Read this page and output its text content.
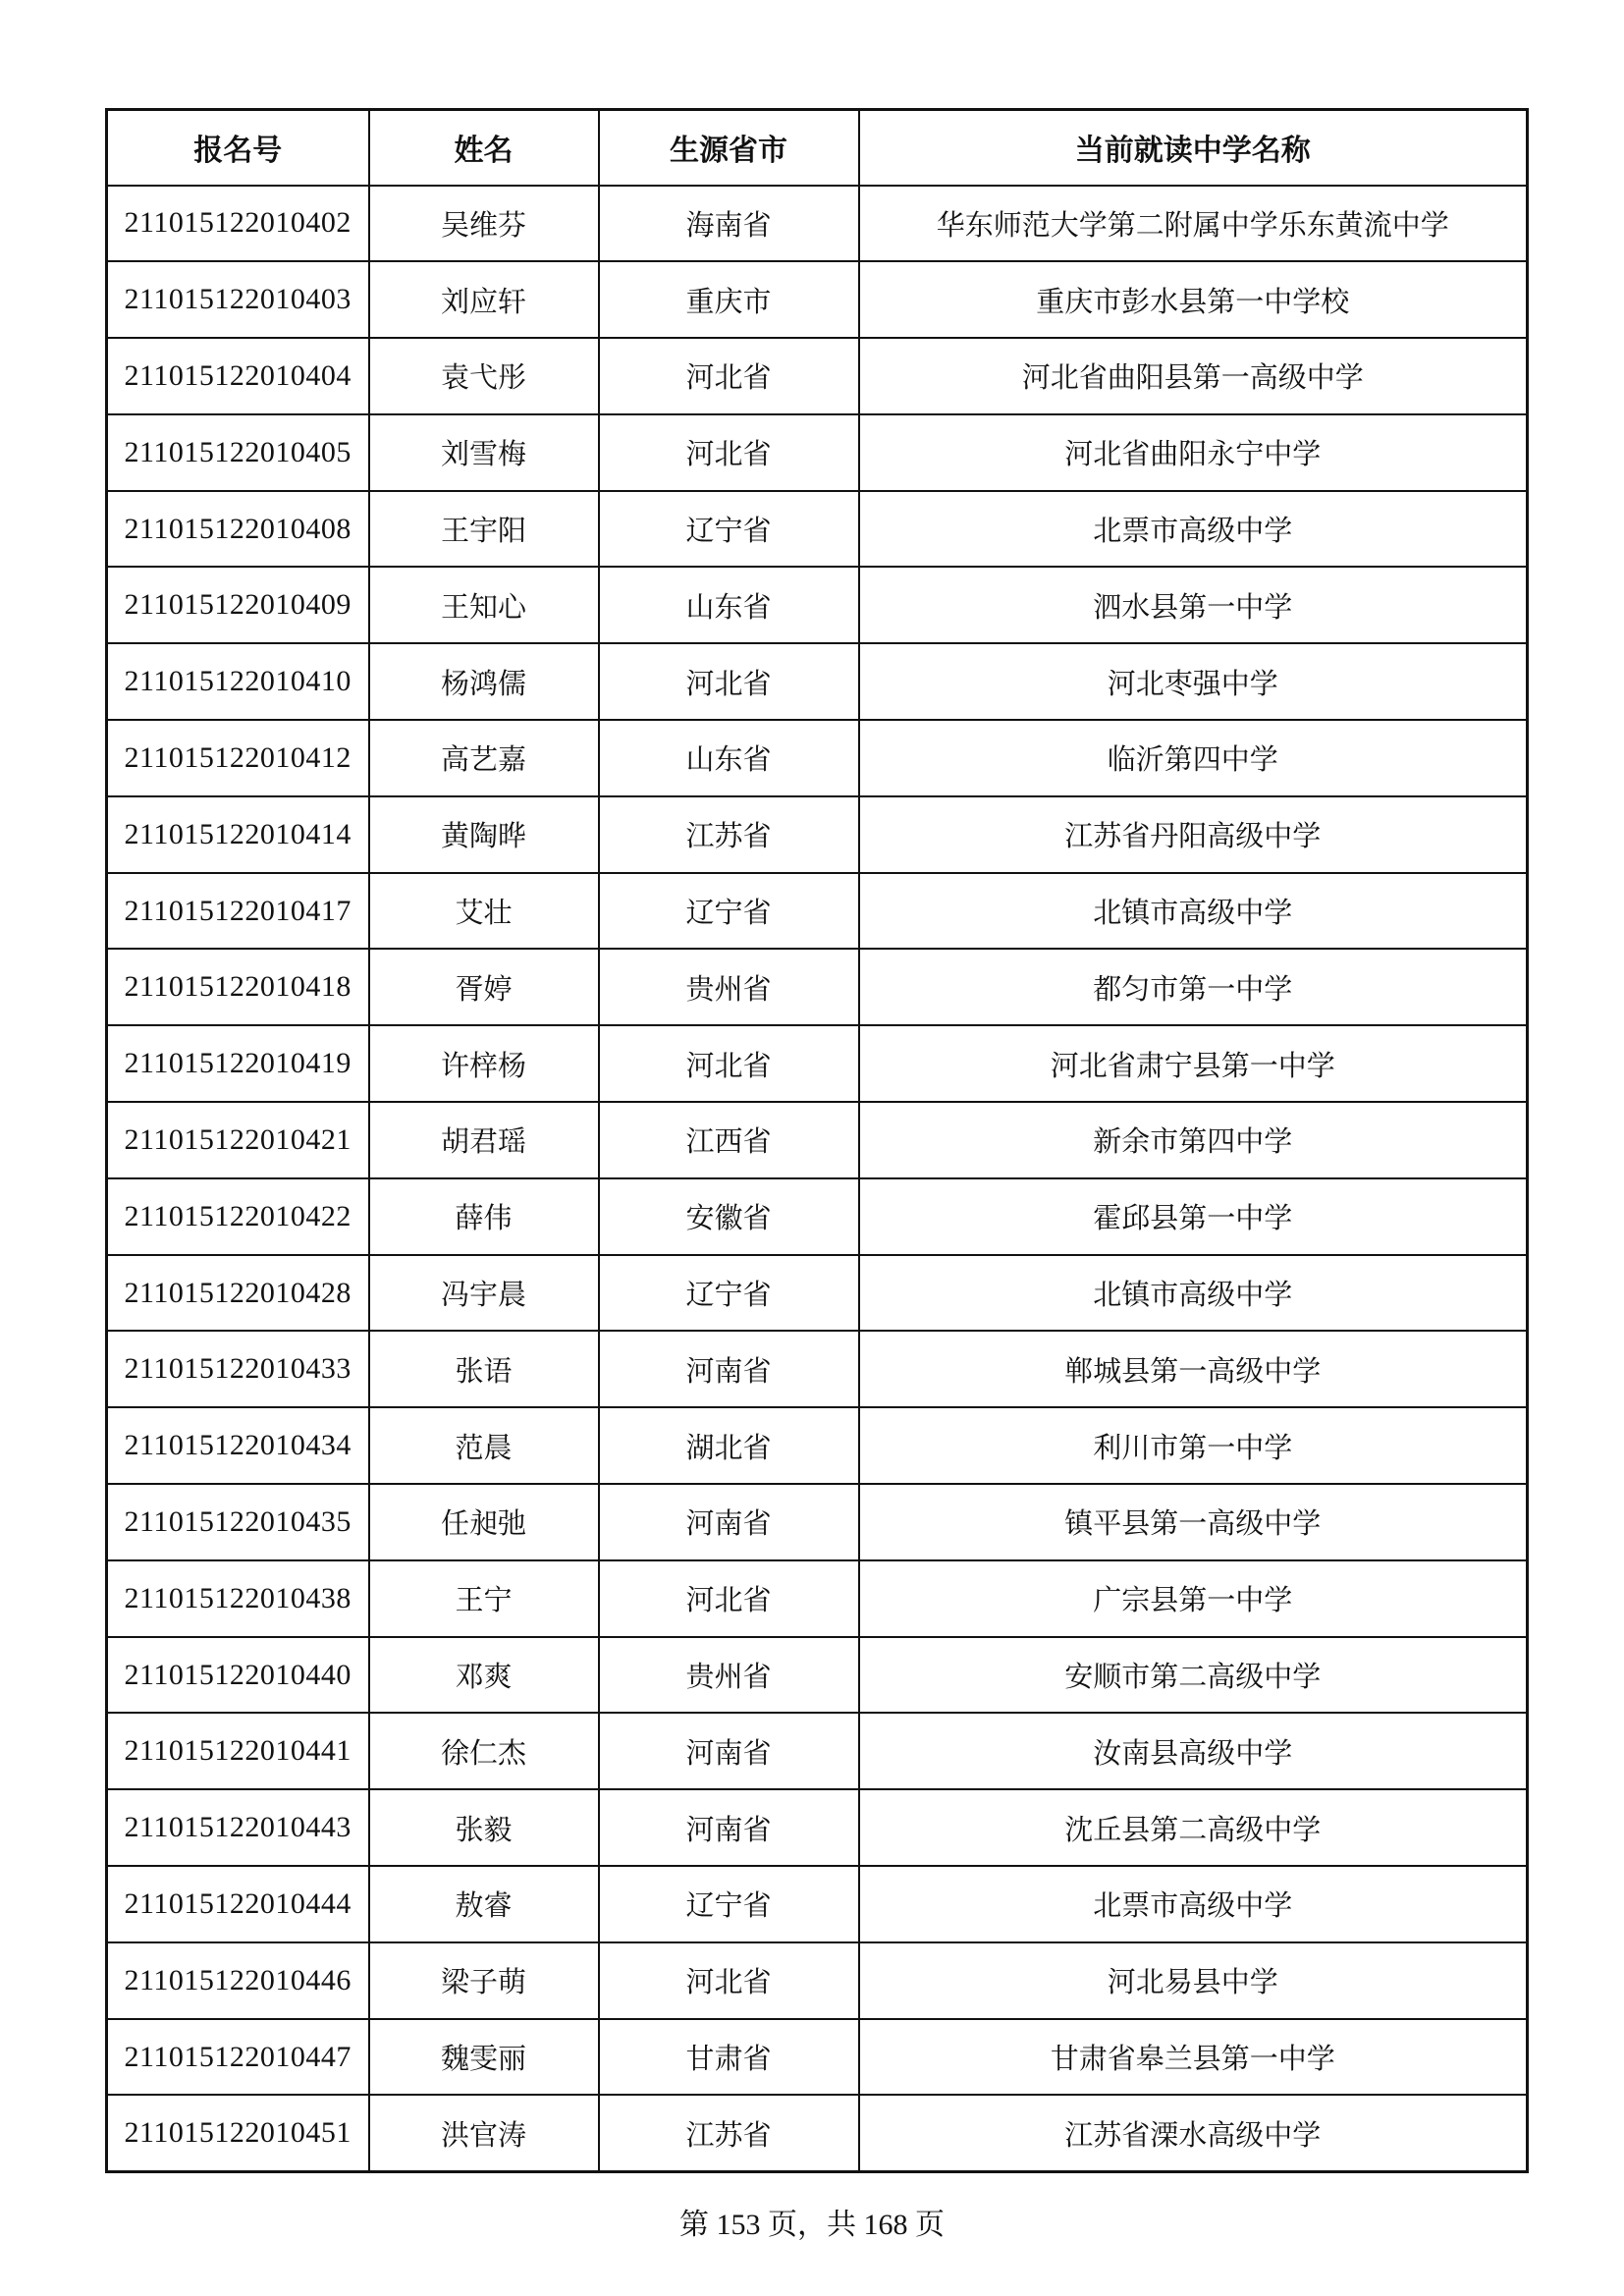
报名号	姓名	生源省市	当前就读中学名称
211015122010402	吴维芬	海南省	华东师范大学第二附属中学乐东黄流中学
211015122010403	刘应轩	重庆市	重庆市彭水县第一中学校
211015122010404	袁弋彤	河北省	河北省曲阳县第一高级中学
211015122010405	刘雪梅	河北省	河北省曲阳永宁中学
211015122010408	王宇阳	辽宁省	北票市高级中学
211015122010409	王知心	山东省	泗水县第一中学
211015122010410	杨鸿儒	河北省	河北枣强中学
211015122010412	高艺嘉	山东省	临沂第四中学
211015122010414	黄陶晔	江苏省	江苏省丹阳高级中学
211015122010417	艾壮	辽宁省	北镇市高级中学
211015122010418	胥婷	贵州省	都匀市第一中学
211015122010419	许梓杨	河北省	河北省肃宁县第一中学
211015122010421	胡君瑶	江西省	新余市第四中学
211015122010422	薛伟	安徽省	霍邱县第一中学
211015122010428	冯宇晨	辽宁省	北镇市高级中学
211015122010433	张语	河南省	郸城县第一高级中学
211015122010434	范晨	湖北省	利川市第一中学
211015122010435	任昶弛	河南省	镇平县第一高级中学
211015122010438	王宁	河北省	广宗县第一中学
211015122010440	邓爽	贵州省	安顺市第二高级中学
211015122010441	徐仁杰	河南省	汝南县高级中学
211015122010443	张毅	河南省	沈丘县第二高级中学
211015122010444	敖睿	辽宁省	北票市高级中学
211015122010446	梁子萌	河北省	河北易县中学
211015122010447	魏雯丽	甘肃省	甘肃省皋兰县第一中学
211015122010451	洪官涛	江苏省	江苏省溧水高级中学
第 153 页，共 168 页
